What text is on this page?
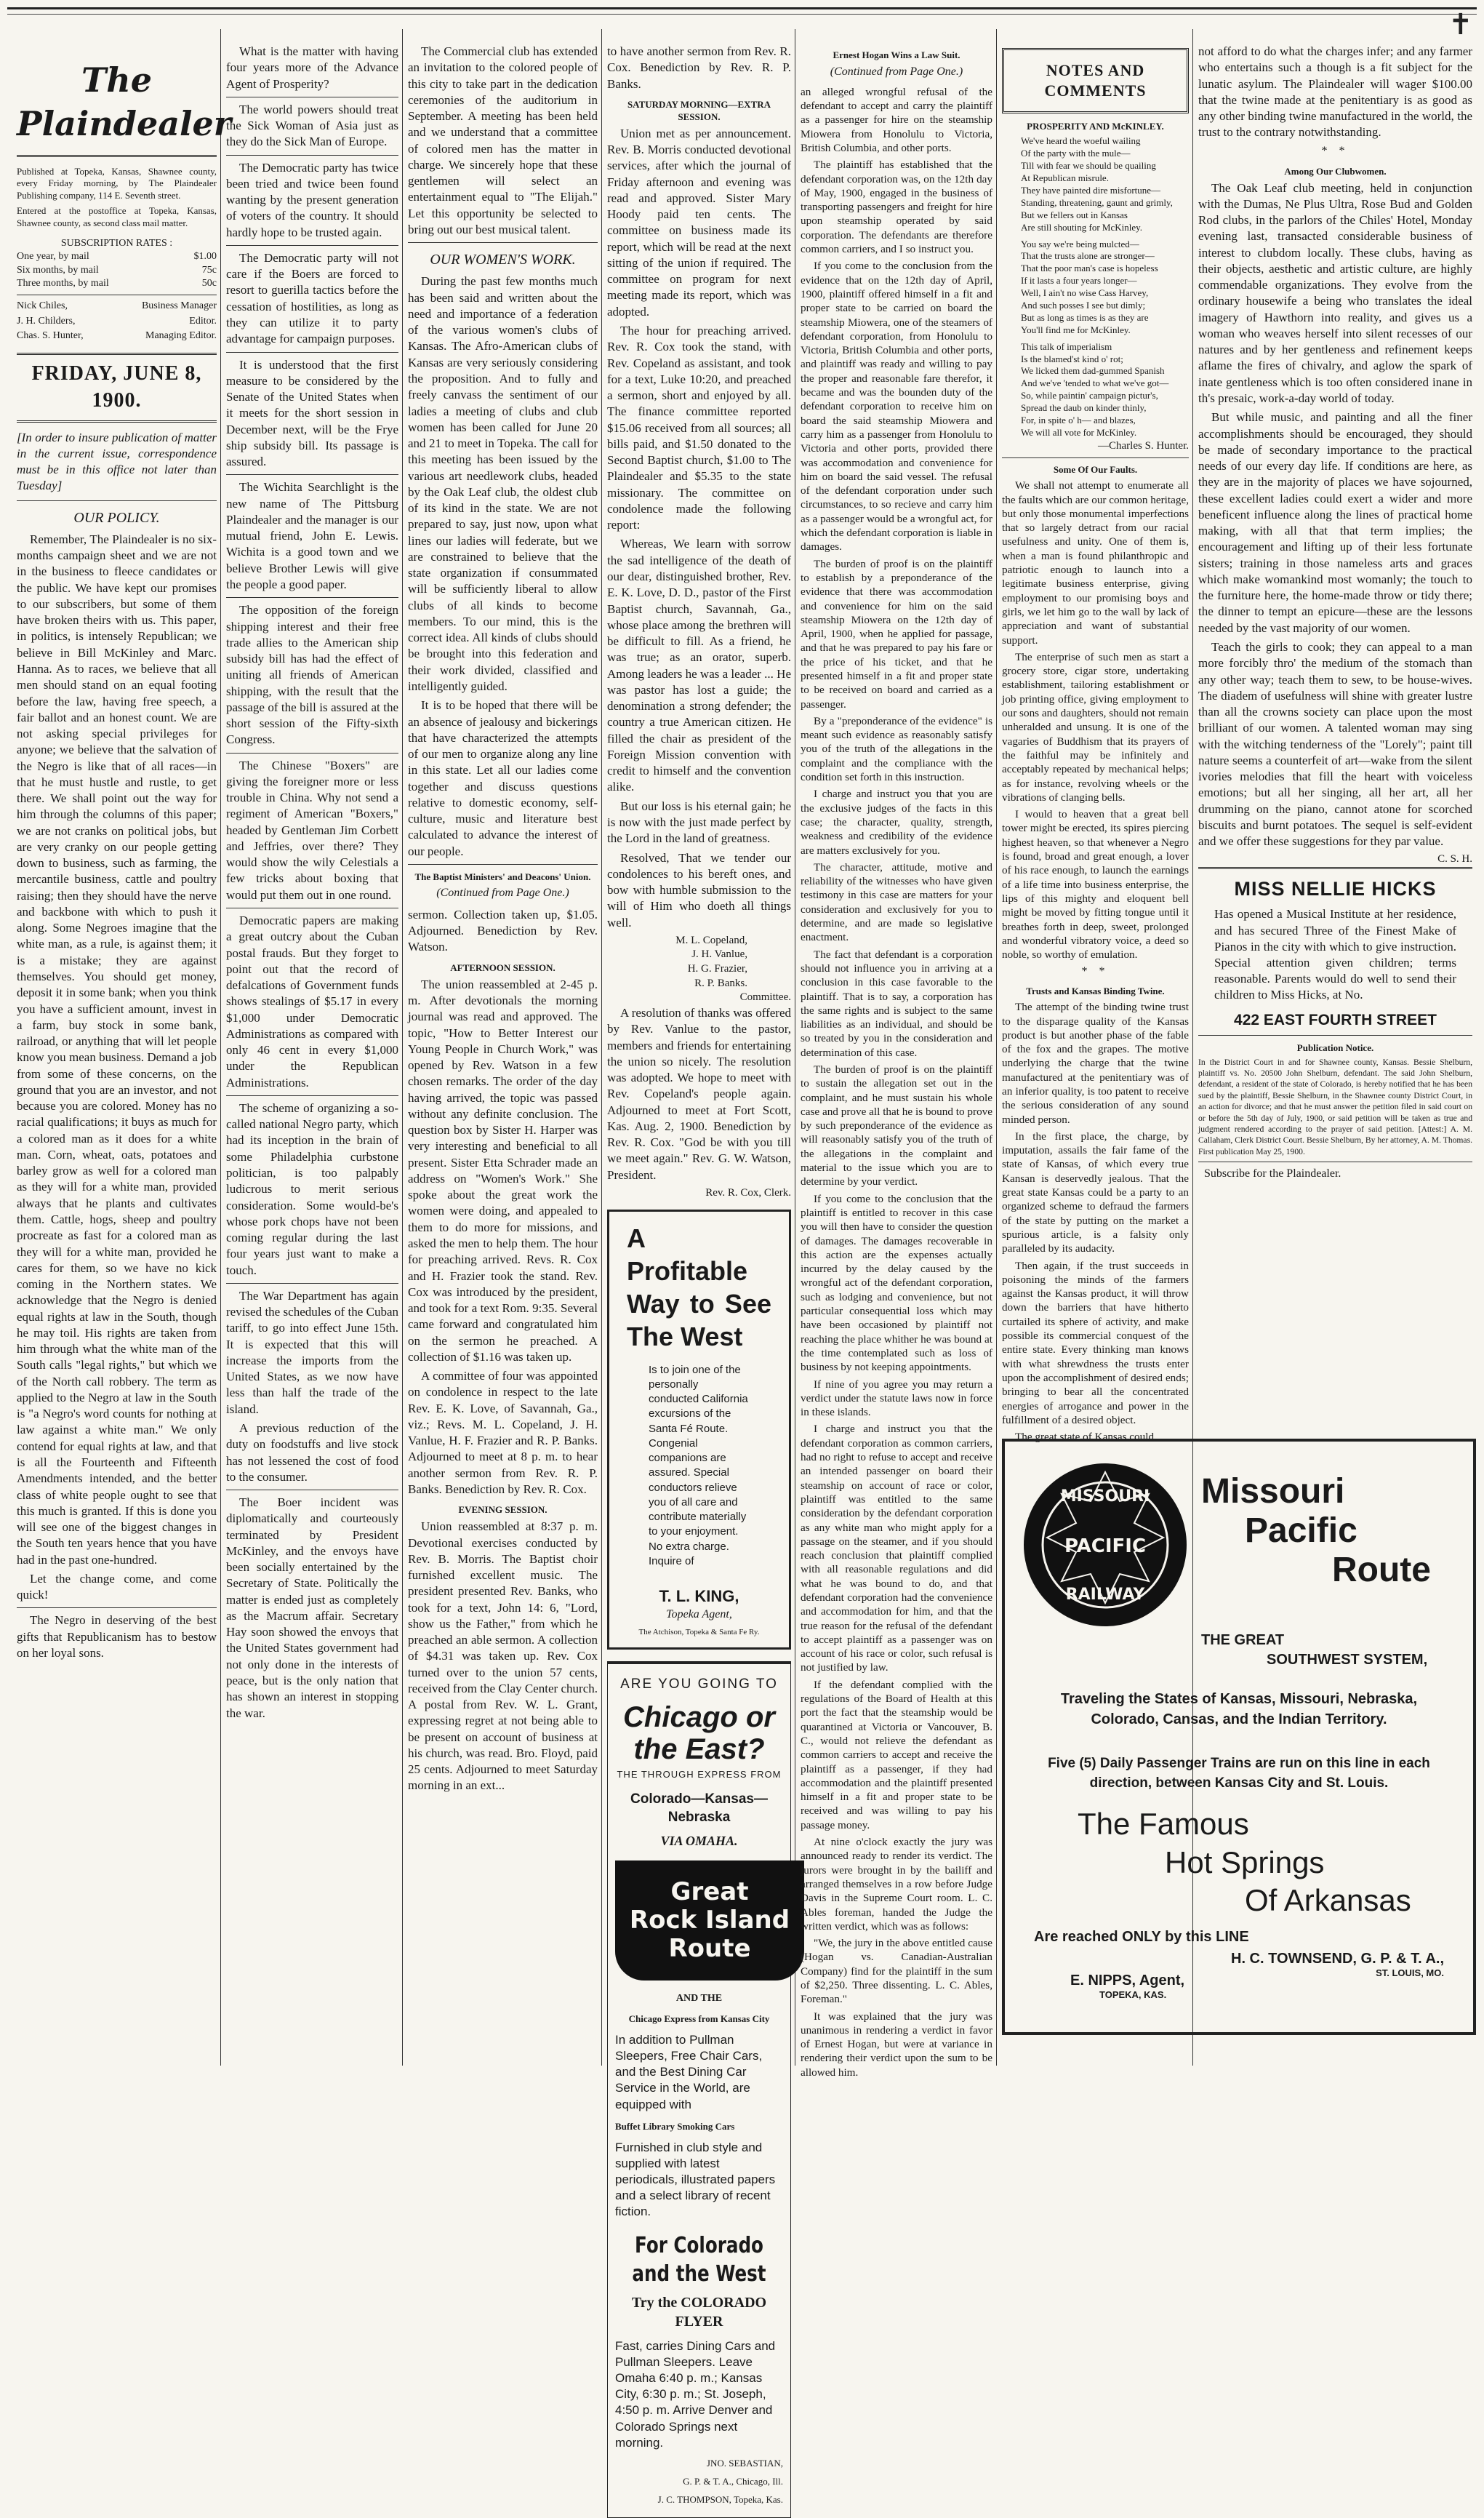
✝
The Plaindealer

Published at Topeka, Kansas, Shawnee county, every Friday morning, by The Plaindealer Publishing company, 114 E. Seventh street.

Entered at the postoffice at Topeka, Kansas, Shawnee county, as second class mail matter.

SUBSCRIPTION RATES :
One year, by mail	$1.00
Six months, by mail	75c
Three months, by mail	50c
Nick Chiles,	Business Manager
J. H. Childers,	Editor.
Chas. S. Hunter,	Managing Editor.
FRIDAY, JUNE 8, 1900.

[In order to insure publication of matter in the current issue, correspondence must be in this office not later than Tuesday]

OUR POLICY.

Remember, The Plaindealer is no six-months campaign sheet and we are not in the business to fleece candidates or the public. We have kept our promises to our subscribers, but some of them have broken theirs with us. This paper, in politics, is intensely Republican; we believe in Bill McKinley and Marc. Hanna. As to races, we believe that all men should stand on an equal footing before the law, having free speech, a fair ballot and an honest count. We are not asking special privileges for anyone; we believe that the salvation of the Negro is like that of all races—in that he must hustle and rustle, to get there. We shall point out the way for him through the columns of this paper; we are not cranks on political jobs, but are very cranky on our people getting down to business, such as farming, the mercantile business, cattle and poultry raising; then they should have the nerve and backbone with which to push it along. Some Negroes imagine that the white man, as a rule, is against them; it is a mistake; they are against themselves. You should get money, deposit it in some bank; when you think you have a sufficient amount, invest in a farm, buy stock in some bank, railroad, or anything that will let people know you mean business. Demand a job from some of these concerns, on the ground that you are an investor, and not because you are colored. Money has no racial qualifications; it buys as much for a colored man as it does for a white man. Corn, wheat, oats, potatoes and barley grow as well for a colored man as they will for a white man, provided always that he plants and cultivates them. Cattle, hogs, sheep and poultry procreate as fast for a colored man as they will for a white man, provided he cares for them, so we have no kick coming in the Northern states. We acknowledge that the Negro is denied equal rights at law in the South, though he may toil. His rights are taken from him through what the white man of the South calls "legal rights," but which we of the North call robbery. The term as applied to the Negro at law in the South is "a Negro's word counts for nothing at law against a white man." We only contend for equal rights at law, and that is all the Fourteenth and Fifteenth Amendments intended, and the better class of white people ought to see that this much is granted. If this is done you will see one of the biggest changes in the South ten years hence that you have had in the past one-hundred.

Let the change come, and come quick!

The Negro in deserving of the best gifts that Republicanism has to bestow on her loyal sons.

What is the matter with having four years more of the Advance Agent of Prosperity?

The world powers should treat the Sick Woman of Asia just as they do the Sick Man of Europe.

The Democratic party has twice been tried and twice been found wanting by the present generation of voters of the country. It should hardly hope to be trusted again.

The Democratic party will not care if the Boers are forced to resort to guerilla tactics before the cessation of hostilities, as long as they can utilize it to party advantage for campaign purposes.

It is understood that the first measure to be considered by the Senate of the United States when it meets for the short session in December next, will be the Frye ship subsidy bill. Its passage is assured.

The Wichita Searchlight is the new name of The Pittsburg Plaindealer and the manager is our mutual friend, John E. Lewis. Wichita is a good town and we believe Brother Lewis will give the people a good paper.

The opposition of the foreign shipping interest and their free trade allies to the American ship subsidy bill has had the effect of uniting all friends of American shipping, with the result that the passage of the bill is assured at the short session of the Fifty-sixth Congress.

The Chinese "Boxers" are giving the foreigner more or less trouble in China. Why not send a regiment of American "Boxers," headed by Gentleman Jim Corbett and Jeffries, over there? They would show the wily Celestials a few tricks about boxing that would put them out in one round.

Democratic papers are making a great outcry about the Cuban postal frauds. But they forget to point out that the record of defalcations of Government funds shows stealings of $5.17 in every $1,000 under Democratic Administrations as compared with only 46 cent in every $1,000 under the Republican Administrations.

The scheme of organizing a so-called national Negro party, which had its inception in the brain of some Philadelphia curbstone politician, is too palpably ludicrous to merit serious consideration. Some would-be's whose pork chops have not been coming regular during the last four years just want to make a touch.

The War Department has again revised the schedules of the Cuban tariff, to go into effect June 15th. It is expected that this will increase the imports from the United States, as we now have less than half the trade of the island.

A previous reduction of the duty on foodstuffs and live stock has not lessened the cost of food to the consumer.

The Boer incident was diplomatically and courteously terminated by President McKinley, and the envoys have been socially entertained by the Secretary of State. Politically the matter is ended just as completely as the Macrum affair. Secretary Hay soon showed the envoys that the United States government had not only done in the interests of peace, but is the only nation that has shown an interest in stopping the war.

The Commercial club has extended an invitation to the colored people of this city to take part in the dedication ceremonies of the auditorium in September. A meeting has been held and we understand that a committee of colored men has the matter in charge. We sincerely hope that these gentlemen will select an entertainment equal to "The Elijah." Let this opportunity be selected to bring out our best musical talent.

OUR WOMEN'S WORK.

During the past few months much has been said and written about the need and importance of a federation of the various women's clubs of Kansas. The Afro-American clubs of Kansas are very seriously considering the proposition. And to fully and freely canvass the sentiment of our ladies a meeting of clubs and club women has been called for June 20 and 21 to meet in Topeka. The call for this meeting has been issued by the various art needlework clubs, headed by the Oak Leaf club, the oldest club of its kind in the state. We are not prepared to say, just now, upon what lines our ladies will federate, but we are constrained to believe that the state organization if consummated will be sufficiently liberal to allow clubs of all kinds to become members. To our mind, this is the correct idea. All kinds of clubs should be brought into this federation and their work divided, classified and intelligently guided.

It is to be hoped that there will be an absence of jealousy and bickerings that have characterized the attempts of our men to organize along any line in this state. Let all our ladies come together and discuss questions relative to domestic economy, self-culture, music and literature best calculated to advance the interest of our people.

The Baptist Ministers' and Deacons' Union.
(Continued from Page One.)

sermon. Collection taken up, $1.05. Adjourned. Benediction by Rev. Watson.

AFTERNOON SESSION.

The union reassembled at 2-45 p. m. After devotionals the morning journal was read and approved. The topic, "How to Better Interest our Young People in Church Work," was opened by Rev. Watson in a few chosen remarks. The order of the day having arrived, the topic was passed without any definite conclusion. The question box by Sister H. Harper was very interesting and beneficial to all present. Sister Etta Schrader made an address on "Women's Work." She spoke about the great work the women were doing, and appealed to them to do more for missions, and asked the men to help them. The hour for preaching arrived. Revs. R. Cox and H. Frazier took the stand. Rev. Cox was introduced by the president, and took for a text Rom. 9:35. Several came forward and congratulated him on the sermon he preached. A collection of $1.16 was taken up.

A committee of four was appointed on condolence in respect to the late Rev. E. K. Love, of Savannah, Ga., viz.; Revs. M. L. Copeland, J. H. Vanlue, H. F. Frazier and R. P. Banks. Adjourned to meet at 8 p. m. to hear another sermon from Rev. R. P. Banks. Benediction by Rev. R. Cox.

EVENING SESSION.

Union reassembled at 8:37 p. m. Devotional exercises conducted by Rev. B. Morris. The Baptist choir furnished excellent music. The president presented Rev. Banks, who took for a text, John 14: 6, "Lord, show us the Father," from which he preached an able sermon. A collection of $4.31 was taken up. Rev. Cox turned over to the union 57 cents, received from the Clay Center church. A postal from Rev. W. L. Grant, expressing regret at not being able to be present on account of business at his church, was read. Bro. Floyd, paid 25 cents. Adjourned to meet Saturday morning in an ext...

to have another sermon from Rev. R. Cox. Benediction by Rev. R. P. Banks.

SATURDAY MORNING—EXTRA SESSION.

Union met as per announcement. Rev. B. Morris conducted devotional services, after which the journal of Friday afternoon and evening was read and approved. Sister Mary Hoody paid ten cents. The committee on business made its report, which will be read at the next sitting of the union if required. The committee on program for next meeting made its report, which was adopted.

The hour for preaching arrived. Rev. R. Cox took the stand, with Rev. Copeland as assistant, and took for a text, Luke 10:20, and preached a sermon, short and enjoyed by all. The finance committee reported $15.06 received from all sources; all bills paid, and $1.50 donated to the Second Baptist church, $1.00 to The Plaindealer and $5.35 to the state missionary. The committee on condolence made the following report:

Whereas, We learn with sorrow the sad intelligence of the death of our dear, distinguished brother, Rev. E. K. Love, D. D., pastor of the First Baptist church, Savannah, Ga., whose place among the brethren will be difficult to fill. As a friend, he was true; as an orator, superb. Among leaders he was a leader ... He was pastor has lost a guide; the denomination a strong defender; the country a true American citizen. He filled the chair as president of the Foreign Mission convention with credit to himself and the convention alike.

But our loss is his eternal gain; he is now with the just made perfect by the Lord in the land of greatness.

Resolved, That we tender our condolences to his bereft ones, and bow with humble submission to the will of Him who doeth all things well.

M. L. Copeland,

J. H. Vanlue,

H. G. Frazier,

R. P. Banks.

Committee.

A resolution of thanks was offered by Rev. Vanlue to the pastor, members and friends for entertaining the union so nicely. The resolution was adopted. We hope to meet with Rev. Copeland's people again. Adjourned to meet at Fort Scott, Kas. Aug. 2, 1900. Benediction by Rev. R. Cox. "God be with you till we meet again." Rev. G. W. Watson, President.

Rev. R. Cox, Clerk.

A Profitable Way to See The West
Is to join one of the personally conducted California excursions of the Santa Fé Route. Congenial companions are assured. Special conductors relieve you of all care and contribute materially to your enjoyment. No extra charge. Inquire of
T. L. KING,
Topeka Agent,
The Atchison, Topeka & Santa Fe Ry.
ARE YOU GOING TO
Chicago or the East?
THE THROUGH EXPRESS FROM
Colorado—Kansas—Nebraska
VIA OMAHA.
Great
Rock Island
Route
AND THE
Chicago Express from Kansas City
In addition to Pullman Sleepers, Free Chair Cars, and the Best Dining Car Service in the World, are equipped with
Buffet Library Smoking Cars
Furnished in club style and supplied with latest periodicals, illustrated papers and a select library of recent fiction.
For Colorado and the West
Try the COLORADO FLYER
Fast, carries Dining Cars and Pullman Sleepers. Leave Omaha 6:40 p. m.; Kansas City, 6:30 p. m.; St. Joseph, 4:50 p. m. Arrive Denver and Colorado Springs next morning.
JNO. SEBASTIAN,
G. P. & T. A., Chicago, Ill.
J. C. THOMPSON, Topeka, Kas.
Ernest Hogan Wins a Law Suit.
(Continued from Page One.)

an alleged wrongful refusal of the defendant to accept and carry the plaintiff as a passenger for hire on the steamship Miowera from Honolulu to Victoria, British Columbia, and other ports.

The plaintiff has established that the defendant corporation was, on the 12th day of May, 1900, engaged in the business of transporting passengers and freight for hire upon steamship operated by said corporation. The defendants are therefore common carriers, and I so instruct you.

If you come to the conclusion from the evidence that on the 12th day of April, 1900, plaintiff offered himself in a fit and proper state to be carried on board the steamship Miowera, one of the steamers of defendant corporation, from Honolulu to Victoria, British Columbia and other ports, and plaintiff was ready and willing to pay the proper and reasonable fare therefor, it became and was the bounden duty of the defendant corporation to receive him on board the said steamship Miowera and carry him as a passenger from Honolulu to Victoria and other ports, provided there was accommodation and convenience for him on board the said vessel. The refusal of the defendant corporation under such circumstances, to so recieve and carry him as a passenger would be a wrongful act, for which the defendant corporation is liable in damages.

The burden of proof is on the plaintiff to establish by a preponderance of the evidence that there was accommodation and convenience for him on the said steamship Miowera on the 12th day of April, 1900, when he applied for passage, and that he was prepared to pay his fare or the price of his ticket, and that he presented himself in a fit and proper state to be received on board and carried as a passenger.

By a "preponderance of the evidence" is meant such evidence as reasonably satisfy you of the truth of the allegations in the complaint and the compliance with the condition set forth in this instruction.

I charge and instruct you that you are the exclusive judges of the facts in this case; the character, quality, strength, weakness and credibility of the evidence are matters exclusively for you.

The character, attitude, motive and reliability of the witnesses who have given testimony in this case are matters for your consideration and exclusively for you to determine, and are made so legislative enactment.

The fact that defendant is a corporation should not influence you in arriving at a conclusion in this case favorable to the plaintiff. That is to say, a corporation has the same rights and is subject to the same liabilities as an individual, and should be so treated by you in the consideration and determination of this case.

The burden of proof is on the plaintiff to sustain the allegation set out in the complaint, and he must sustain his whole case and prove all that he is bound to prove by such preponderance of the evidence as will reasonably satisfy you of the truth of the allegations in the complaint and material to the issue which you are to determine by your verdict.

If you come to the conclusion that the plaintiff is entitled to recover in this case you will then have to consider the question of damages. The damages recoverable in this action are the expenses actually incurred by the delay caused by the wrongful act of the defendant corporation, such as lodging and convenience, but not particular consequential loss which may have been occasioned by plaintiff not reaching the place whither he was bound at the time contemplated such as loss of business by not keeping appointments.

If nine of you agree you may return a verdict under the statute laws now in force in these islands.

I charge and instruct you that the defendant corporation as common carriers, had no right to refuse to accept and receive an intended passenger on board their steamship on account of race or color, plaintiff was entitled to the same consideration by the defendant corporation as any white man who might apply for a passage on the steamer, and if you should reach conclusion that plaintiff complied with all reasonable regulations and did what he was bound to do, and that defendant corporation had the convenience and accommodation for him, and that the true reason for the refusal of the defendant to accept plaintiff as a passenger was on account of his race or color, such refusal is not justified by law.

If the defendant complied with the regulations of the Board of Health at this port the fact that the steamship would be quarantined at Victoria or Vancouver, B. C., would not relieve the defendant as common carriers to accept and receive the plaintiff as a passenger, if they had accommodation and the plaintiff presented himself in a fit and proper state to be received and was willing to pay his passage money.

At nine o'clock exactly the jury was announced ready to render its verdict. The jurors were brought in by the bailiff and arranged themselves in a row before Judge Davis in the Supreme Court room. L. C. Ables foreman, handed the Judge the written verdict, which was as follows:

"We, the jury in the above entitled cause (Hogan vs. Canadian-Australian Company) find for the plaintiff in the sum of $2,250. Three dissenting. L. C. Ables, Foreman."

It was explained that the jury was unanimous in rendering a verdict in favor of Ernest Hogan, but were at variance in rendering their verdict upon the sum to be allowed him.

NOTES AND COMMENTS
PROSPERITY AND McKINLEY.
We've heard the woeful wailing
Of the party with the mule—
Till with fear we should be quailing
At Republican misrule.
They have painted dire misfortune—
Standing, threatening, gaunt and grimly,
But we fellers out in Kansas
Are still shouting for McKinley.
You say we're being mulcted—
That the trusts alone are stronger—
That the poor man's case is hopeless
If it lasts a four years longer—
Well, I ain't no wise Cass Harvey,
And such posses I see but dimly;
But as long as times is as they are
You'll find me for McKinley.
This talk of imperialism
Is the blamed'st kind o' rot;
We licked them dad-gummed Spanish
And we've 'tended to what we've got—
So, while paintin' campaign pictur's,
Spread the daub on kinder thinly,
For, in spite o' h— and blazes,
We will all vote for McKinley.

—Charles S. Hunter.

Some Of Our Faults.

We shall not attempt to enumerate all the faults which are our common heritage, but only those monumental imperfections that so largely detract from our racial usefulness and unity. One of them is, when a man is found philanthropic and patriotic enough to launch into a legitimate business enterprise, giving employment to our promising boys and girls, we let him go to the wall by lack of appreciation and want of substantial support.

The enterprise of such men as start a grocery store, cigar store, undertaking establishment, tailoring establishment or job printing office, giving employment to our sons and daughters, should not remain unheralded and unsung. It is one of the vagaries of Buddhism that its prayers of the faithful may be infinitely and acceptably repeated by mechanical helps; as for instance, revolving wheels or the vibrations of clanging bells.

I would to heaven that a great bell tower might be erected, its spires piercing highest heaven, so that whenever a Negro is found, broad and great enough, a lover of his race enough, to launch the earnings of a life time into business enterprise, the lips of this mighty and eloquent bell might be moved by fitting tongue until it breathes forth in deep, sweet, prolonged and wonderful vibratory voice, a deed so noble, so worthy of emulation.

* *
Trusts and Kansas Binding Twine.

The attempt of the binding twine trust to the disparage quality of the Kansas product is but another phase of the fable of the fox and the grapes. The motive underlying the charge that the twine manufactured at the penitentiary was of an inferior quality, is too patent to receive the serious consideration of any sound minded person.

In the first place, the charge, by imputation, assails the fair fame of the state of Kansas, of which every true Kansan is deservedly jealous. That the great state Kansas could be a party to an organized scheme to defraud the farmers of the state by putting on the market a spurious article, is a falsity only paralleled by its audacity.

Then again, if the trust succeeds in poisoning the minds of the farmers against the Kansas product, it will throw down the barriers that have hitherto curtailed its sphere of activity, and make possible its commercial conquest of the entire state. Every thinking man knows with what shrewdness the trusts enter upon the accomplishment of desired ends; bringing to bear all the concentrated energies of arrogance and power in the fulfillment of a desired object.

The great state of Kansas could

not afford to do what the charges infer; and any farmer who entertains such a though is a fit subject for the lunatic asylum. The Plaindealer will wager $100.00 that the twine made at the penitentiary is as good as any other binding twine manufactured in the world, the trust to the contrary notwithstanding.

* *
Among Our Clubwomen.

The Oak Leaf club meeting, held in conjunction with the Dumas, Ne Plus Ultra, Rose Bud and Golden Rod clubs, in the parlors of the Chiles' Hotel, Monday evening last, transacted considerable business of interest to clubdom locally. These clubs, having as their objects, aesthetic and artistic culture, are highly commendable organizations. They evolve from the ordinary housewife a being who translates the ideal imagery of Hawthorn into reality, and gives us a woman who weaves herself into silent recesses of our natures and by her gentleness and refinement keeps aflame the fires of chivalry, and aglow the spark of inate gentleness which is too often considered inane in th's presaic, work-a-day world of today.

But while music, and painting and all the finer accomplishments should be encouraged, they should be made of secondary importance to the practical needs of our every day life. If conditions are here, as they are in the majority of places we have sojourned, these excellent ladies could exert a wider and more beneficent influence along the lines of practical home making, with all that that term implies; the encouragement and lifting up of their less fortunate sisters; training in those nameless arts and graces which make womankind most womanly; the touch to the furniture here, the home-made throw or tidy there; the dinner to tempt an epicure—these are the lessons needed by the vast majority of our women.

Teach the girls to cook; they can appeal to a man more forcibly thro' the medium of the stomach than any other way; teach them to sew, to be house-wives. The diadem of usefulness will shine with greater lustre than all the crowns society can place upon the most brilliant of our women. A talented woman may sing with the witching tenderness of the "Lorely"; paint till nature seems a counterfeit of art—wake from the silent ivories melodies that fill the heart with voiceless emotions; but all her singing, all her art, all her drumming on the piano, cannot atone for scorched biscuits and burnt potatoes. The sequel is self-evident and we offer these suggestions for they par value.

C. S. H.

MISS NELLIE HICKS
Has opened a Musical Institute at her residence, and has secured Three of the Finest Make of Pianos in the city with which to give instruction. Special attention given children; terms reasonable. Parents would do well to send their children to Miss Hicks, at No.
422 EAST FOURTH STREET
Publication Notice.
In the District Court in and for Shawnee county, Kansas. Bessie Shelburn, plaintiff vs. No. 20500 John Shelburn, defendant. The said John Shelburn, defendant, a resident of the state of Colorado, is hereby notified that he has been sued by the plaintiff, Bessie Shelburn, in the Shawnee county District Court, in an action for divorce; and that he must answer the petition filed in said court on or before the 5th day of July, 1900, or said petition will be taken as true and judgment rendered according to the prayer of said petition. [Attest:] A. M. Callaham, Clerk District Court. Bessie Shelburn, By her attorney, A. M. Thomas. First publication May 25, 1900.

Subscribe for the Plaindealer.

MISSOURI
PACIFIC
RAILWAY
Missouri
Pacific
Route
THE GREAT
SOUTHWEST SYSTEM,
Traveling the States of Kansas, Missouri, Nebraska, Colorado, Cansas, and the Indian Territory.
Five (5) Daily Passenger Trains are run on this line in each direction, between Kansas City and St. Louis.
The Famous
Hot Springs
Of Arkansas
Are reached ONLY by this LINE
H. C. TOWNSEND, G. P. & T. A.,
ST. LOUIS, MO.
E. NIPPS, Agent,
TOPEKA, KAS.
